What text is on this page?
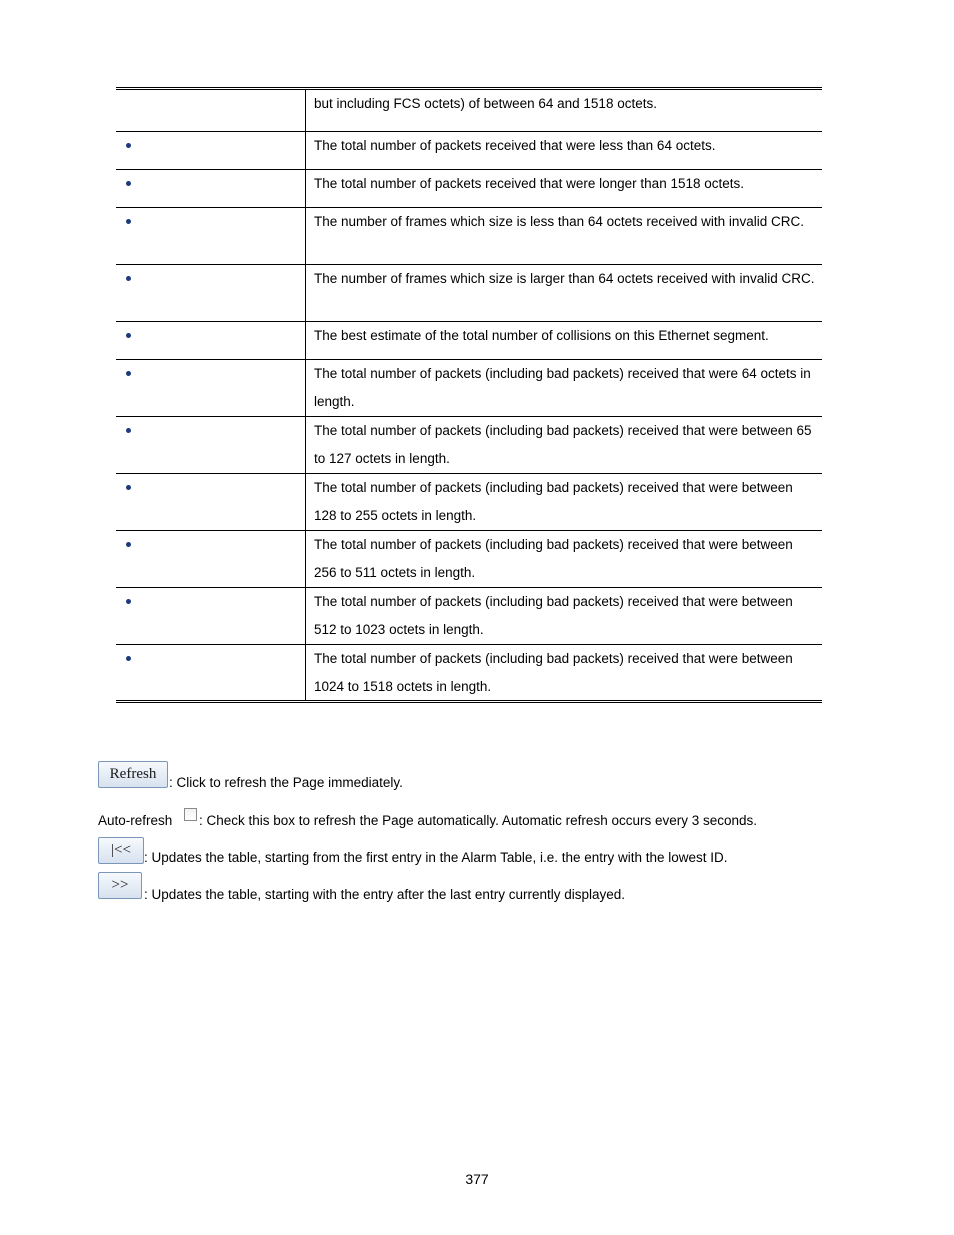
but including FCS octets) of between 64 and 1518 octets.
The total number of packets received that were less than 64 octets.
The total number of packets received that were longer than 1518 octets.
The number of frames which size is less than 64 octets received with invalid CRC.
The number of frames which size is larger than 64 octets received with invalid CRC.
The best estimate of the total number of collisions on this Ethernet segment.
The total number of packets (including bad packets) received that were 64 octets in length.
The total number of packets (including bad packets) received that were between 65 to 127 octets in length.
The total number of packets (including bad packets) received that were between 128 to 255 octets in length.
The total number of packets (including bad packets) received that were between 256 to 511 octets in length.
The total number of packets (including bad packets) received that were between 512 to 1023 octets in length.
The total number of packets (including bad packets) received that were between 1024 to 1518 octets in length.
Refresh
: Click to refresh the Page immediately.
Auto-refresh : Check this box to refresh the Page automatically. Automatic refresh occurs every 3 seconds.
|<< : Updates the table, starting from the first entry in the Alarm Table, i.e. the entry with the lowest ID.
>>
: Updates the table, starting with the entry after the last entry currently displayed.
377
